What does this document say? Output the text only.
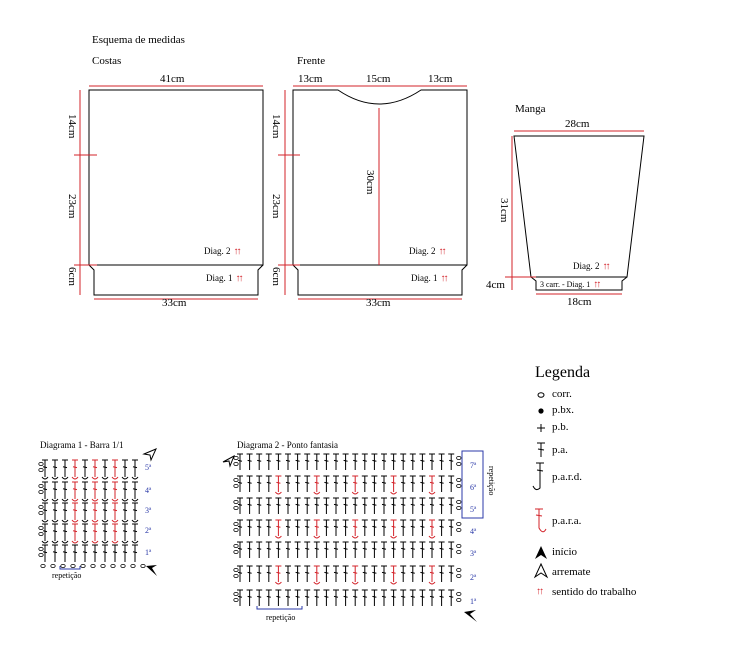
Esquema de medidas
Costas
41cm
33cm
14cm
23cm
6cm
Diag. 2 ↑↑
Diag. 1 ↑↑
Frente
13cm	15cm	13cm
33cm
14cm
23cm
6cm
30cm
Diag. 2 ↑↑
Diag. 1 ↑↑
Manga
28cm
18cm
31cm
4cm
Diag. 2 ↑↑
3 carr. - Diag. 1 ↑↑
Legenda
corr.
p.bx.
p.b.
p.a.
p.a.r.d.
p.a.r.a.
início
arremate
sentido do trabalho
↑↑
Diagrama 1 - Barra 1/1
5ª
4ª
3ª
2ª
1ª
repetição
Diagrama 2 - Ponto fantasia
7ª
6ª
5ª
4ª
3ª
2ª
1ª
repetição
repetição
